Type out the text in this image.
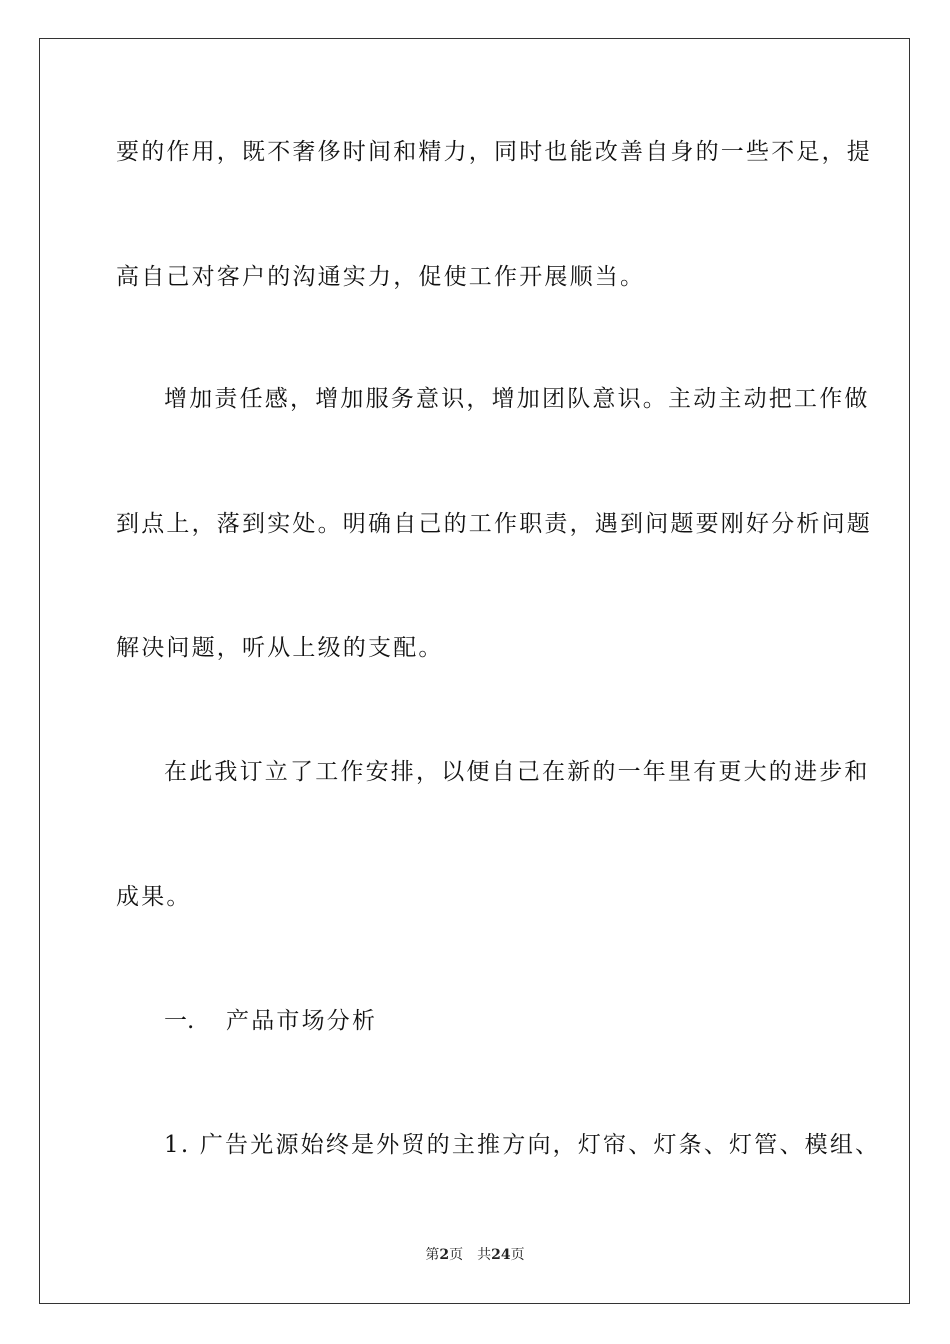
要的作用，既不奢侈时间和精力，同时也能改善自身的一些不足，提
高自己对客户的沟通实力，促使工作开展顺当。
增加责任感，增加服务意识，增加团队意识。主动主动把工作做
到点上，落到实处。明确自己的工作职责，遇到问题要刚好分析问题
解决问题，听从上级的支配。
在此我订立了工作安排，以便自己在新的一年里有更大的进步和
成果。
一. 产品市场分析
1. 广告光源始终是外贸的主推方向，灯帘、灯条、灯管、模组、
第2页 共24页
